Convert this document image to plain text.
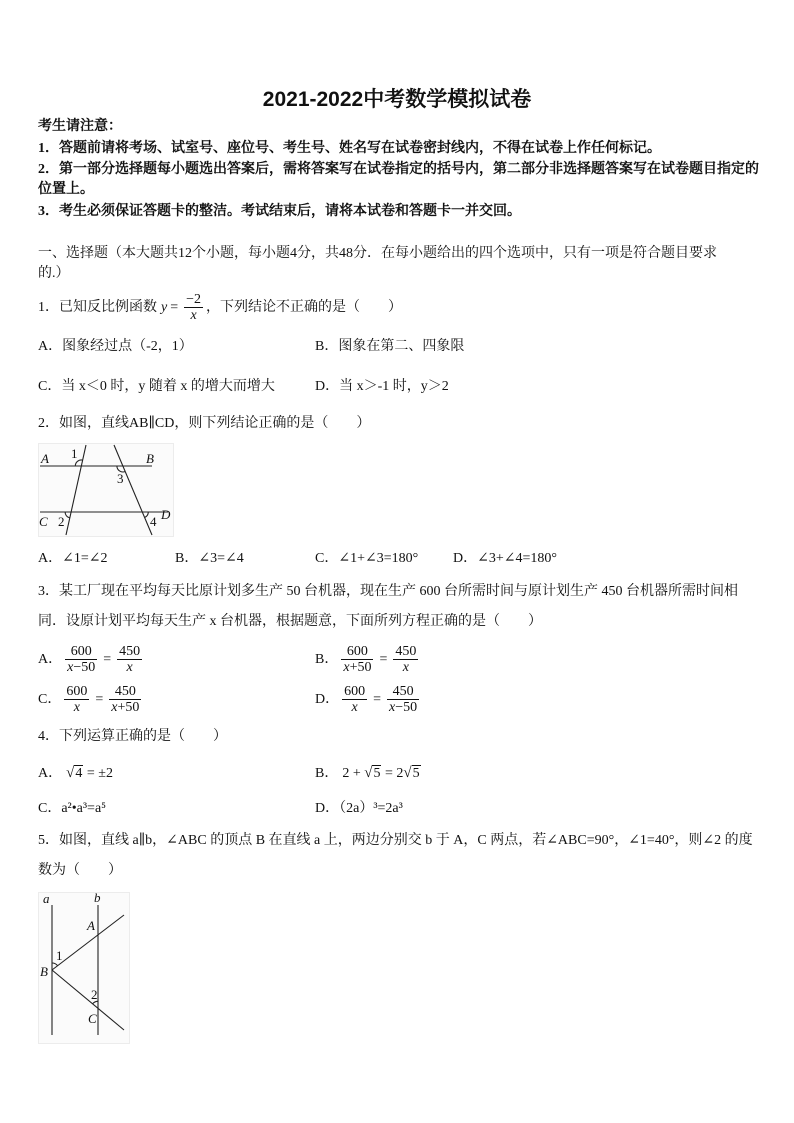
2021-2022中考数学模拟试卷
考生请注意：
1．答题前请将考场、试室号、座位号、考生号、姓名写在试卷密封线内，不得在试卷上作任何标记。
2．第一部分选择题每小题选出答案后，需将答案写在试卷指定的括号内，第二部分非选择题答案写在试卷题目指定的
位置上。
3．考生必须保证答题卡的整洁。考试结束后，请将本试卷和答题卡一并交回。
一、选择题（本大题共12个小题，每小题4分，共48分．在每小题给出的四个选项中，只有一项是符合题目要求
的.）
1．已知反比例函数 $y = \frac{-2}{x}$ ，下列结论不正确的是（　　）
A．图象经过点（-2，1）	B．图象在第二、四象限
C．当 x＜0 时，y 随着 x 的增大而增大	D．当 x＞-1 时，y＞2
2．如图，直线AB∥CD，则下列结论正确的是（　　）
A 1	B
3
C 2	4 D
A．∠1=∠2	B．∠3=∠4	C．∠1+∠3=180° D．∠3+∠4=180°
3．某工厂现在平均每天比原计划多生产 50 台机器，现在生产 600 台所需时间与原计划生产 450 台机器所需时间相
同．设原计划平均每天生产 x 台机器，根据题意，下面所列方程正确的是（　　）
A． $\frac{600}{x-50} = \frac{450}{x}$	B． $\frac{600}{x+50} = \frac{450}{x}$
C． $\frac{600}{x} = \frac{450}{x+50}$	D． $\frac{600}{x} = \frac{450}{x-50}$
4．下列运算正确的是（　　）
A． √4 = ±2	B． 2 + √5 = 2√5
C．a²•a³=a⁵	D．（2a）³=2a³
5．如图，直线 a∥b，∠ABC 的顶点 B 在直线 a 上，两边分别交 b 于 A，C 两点，若∠ABC=90°，∠1=40°，则∠2 的度
数为（　　）
a	b
A
1
B
2
C
